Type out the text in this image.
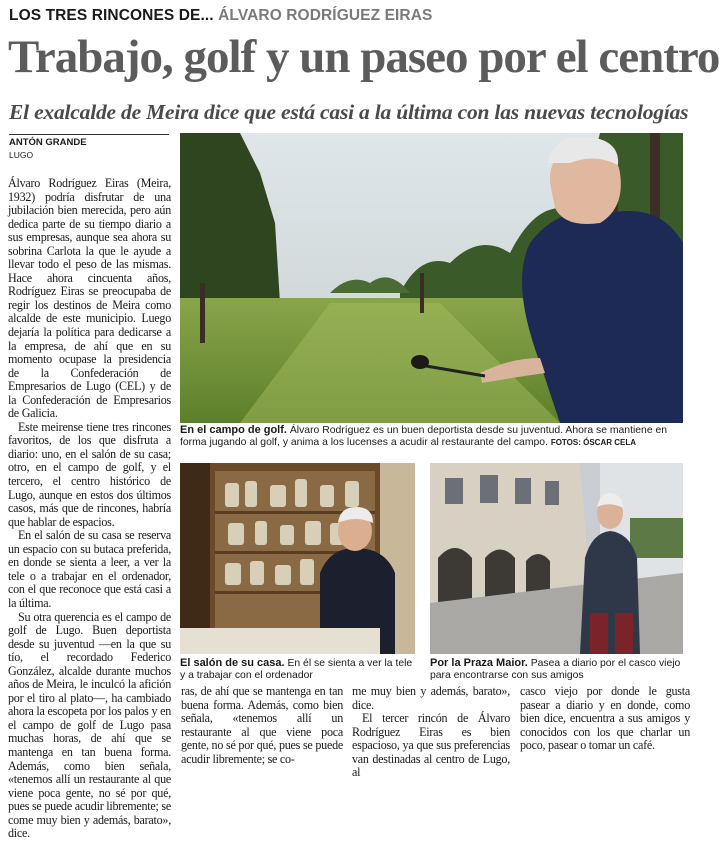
LOS TRES RINCONES DE... ÁLVARO RODRÍGUEZ EIRAS
Trabajo, golf y un paseo por el centro
El exalcalde de Meira dice que está casi a la última con las nuevas tecnologías
ANTÓN GRANDE
LUGO

Álvaro Rodríguez Eiras (Meira, 1932) podría disfrutar de una jubilación bien merecida, pero aún dedica parte de su tiempo diario a sus empresas, aunque sea ahora su sobrina Carlota la que le ayude a llevar todo el peso de las mismas. Hace ahora cincuenta años, Rodríguez Eiras se preocupaba de regir los destinos de Meira como alcalde de este municipio. Luego dejaría la política para dedicarse a la empresa, de ahí que en su momento ocupase la presidencia de la Confederación de Empresarios de Lugo (CEL) y de la Confederación de Empresarios de Galicia.

Este meirense tiene tres rincones favoritos, de los que disfruta a diario: uno, en el salón de su casa; otro, en el campo de golf, y el tercero, el centro histórico de Lugo, aunque en estos dos últimos casos, más que de rincones, habría que hablar de espacios.

En el salón de su casa se reserva un espacio con su butaca preferida, en donde se sienta a leer, a ver la tele o a trabajar en el ordenador, con el que reconoce que está casi a la última.

Su otra querencia es el campo de golf de Lugo. Buen deportista desde su juventud —en la que su tío, el recordado Federico González, alcalde durante muchos años de Meira, le inculcó la afición por el tiro al plato—, ha cambiado ahora la escopeta por los palos y en el campo de golf de Lugo pasa muchas horas, de ahí que se mantenga en tan buena forma. Además, como bien señala, «tenemos allí un restaurante al que viene poca gente, no sé por qué, pues se puede acudir libremente; se come muy bien y además, barato», dice.

En el campo de golf. Álvaro Rodríguez es un buen deportista desde su juventud. Ahora se mantiene en forma jugando al golf, y anima a los lucenses a acudir al restaurante del campo. FOTOS: ÓSCAR CELA
El salón de su casa. En él se sienta a ver la tele y a trabajar con el ordenador
Por la Praza Maior. Pasea a diario por el casco viejo para encontrarse con sus amigos

ras, de ahí que se mantenga en tan buena forma. Además, como bien señala, «tenemos allí un restaurante al que viene poca gente, no sé por qué, pues se puede acudir libremente; se co-

me muy bien y además, barato», dice.

El tercer rincón de Álvaro Rodríguez Eiras es bien espacioso, ya que sus preferencias van destinadas al centro de Lugo, al

casco viejo por donde le gusta pasear a diario y en donde, como bien dice, encuentra a sus amigos y conocidos con los que charlar un poco, pasear o tomar un café.
